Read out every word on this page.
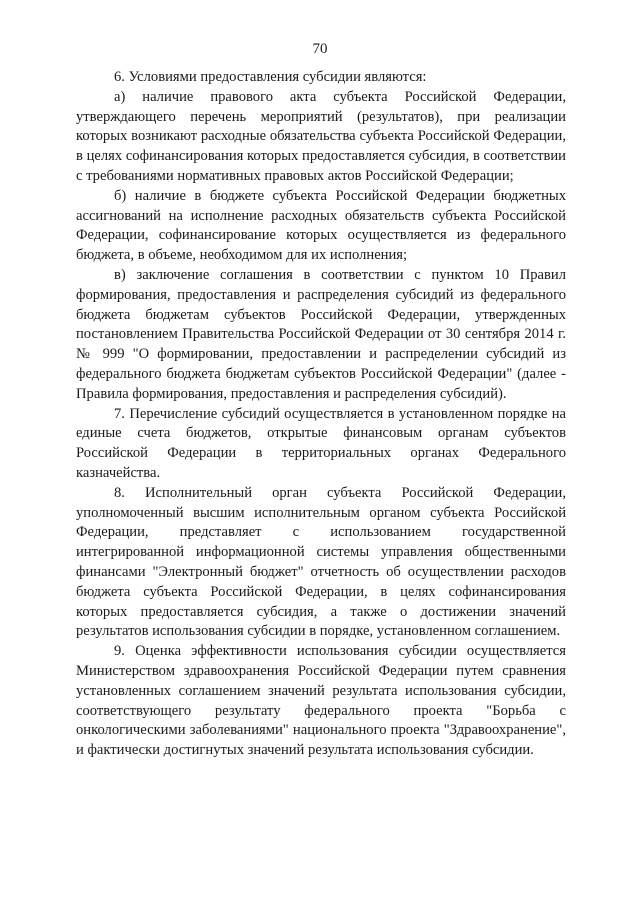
70

6. Условиями предоставления субсидии являются:

а) наличие правового акта субъекта Российской Федерации, утверждающего перечень мероприятий (результатов), при реализации которых возникают расходные обязательства субъекта Российской Федерации, в целях софинансирования которых предоставляется субсидия, в соответствии с требованиями нормативных правовых актов Российской Федерации;

б) наличие в бюджете субъекта Российской Федерации бюджетных ассигнований на исполнение расходных обязательств субъекта Российской Федерации, софинансирование которых осуществляется из федерального бюджета, в объеме, необходимом для их исполнения;

в) заключение соглашения в соответствии с пунктом 10 Правил формирования, предоставления и распределения субсидий из федерального бюджета бюджетам субъектов Российской Федерации, утвержденных постановлением Правительства Российской Федерации от 30 сентября 2014 г. № 999 "О формировании, предоставлении и распределении субсидий из федерального бюджета бюджетам субъектов Российской Федерации" (далее - Правила формирования, предоставления и распределения субсидий).

7. Перечисление субсидий осуществляется в установленном порядке на единые счета бюджетов, открытые финансовым органам субъектов Российской Федерации в территориальных органах Федерального казначейства.

8. Исполнительный орган субъекта Российской Федерации, уполномоченный высшим исполнительным органом субъекта Российской Федерации, представляет с использованием государственной интегрированной информационной системы управления общественными финансами "Электронный бюджет" отчетность об осуществлении расходов бюджета субъекта Российской Федерации, в целях софинансирования которых предоставляется субсидия, а также о достижении значений результатов использования субсидии в порядке, установленном соглашением.

9. Оценка эффективности использования субсидии осуществляется Министерством здравоохранения Российской Федерации путем сравнения установленных соглашением значений результата использования субсидии, соответствующего результату федерального проекта "Борьба с онкологическими заболеваниями" национального проекта "Здравоохранение", и фактически достигнутых значений результата использования субсидии.
